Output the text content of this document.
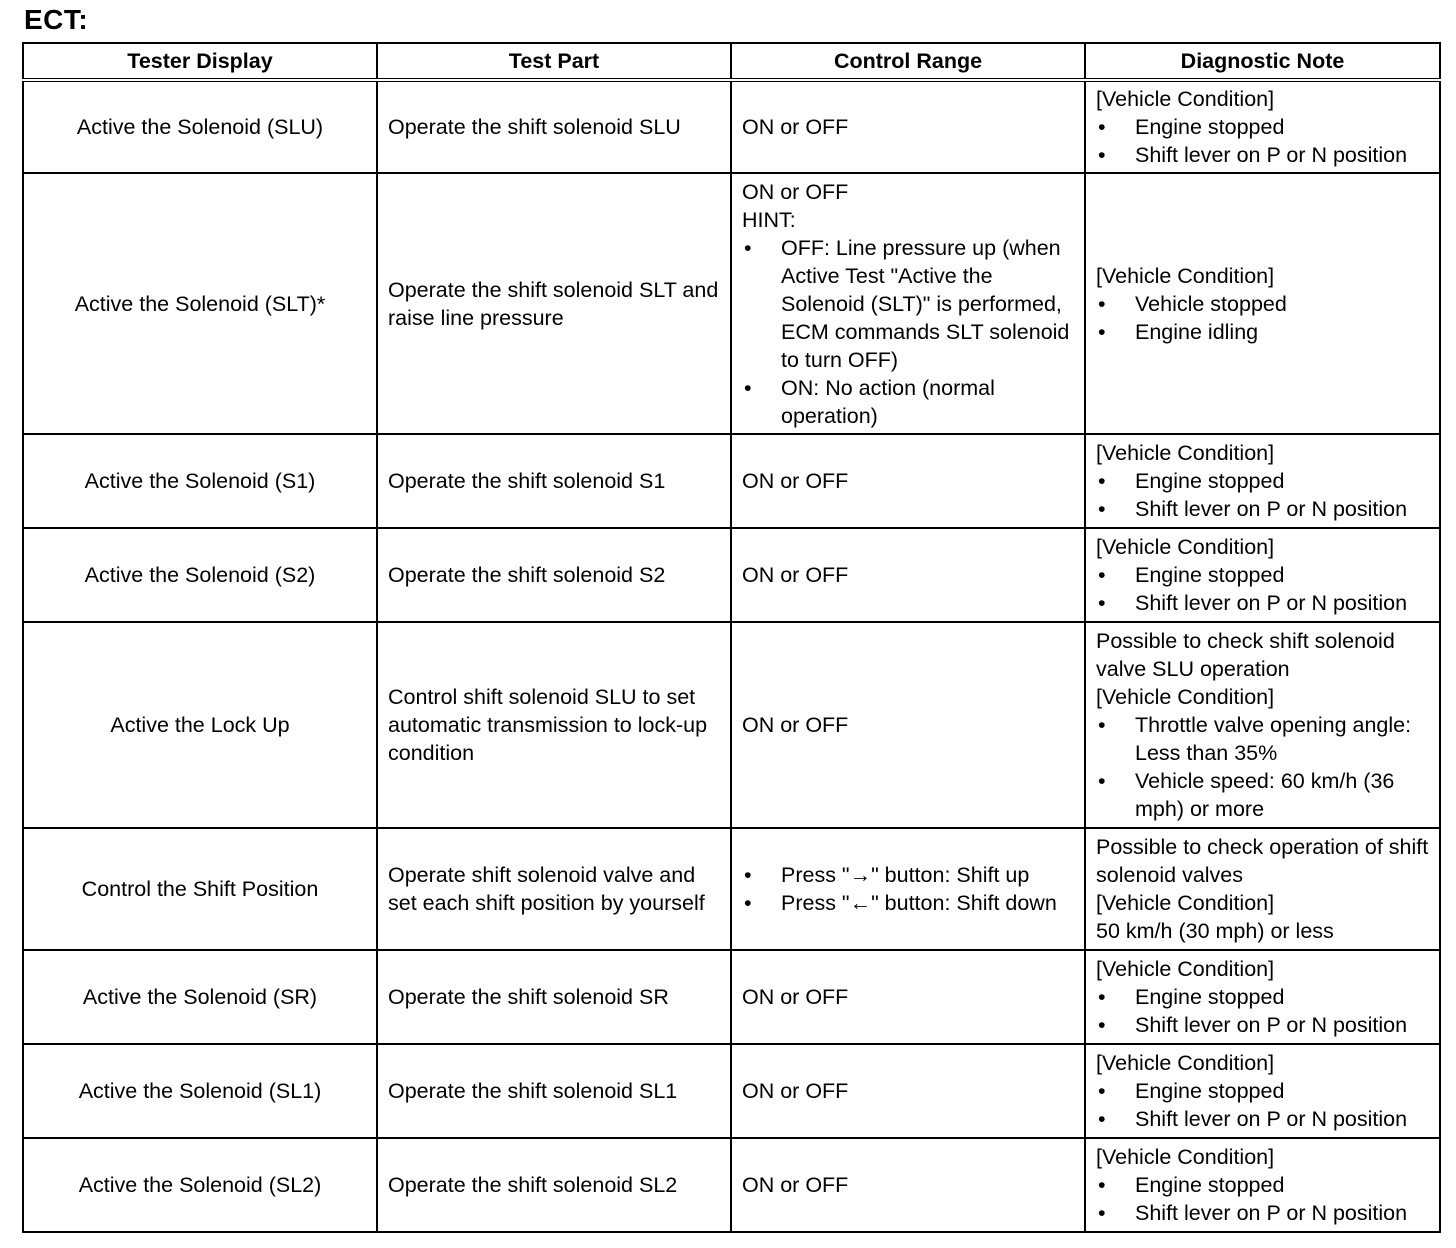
ECT:
Tester Display	Test Part	Control Range	Diagnostic Note
Active the Solenoid (SLU)	Operate the shift solenoid SLU	ON or OFF	[Vehicle Condition]
• Engine stopped
• Shift lever on P or N position

Active the Solenoid (SLT)*	Operate the shift solenoid SLT and raise line pressure	ON or OFF
HINT:
• OFF: Line pressure up (when Active Test "Active the Solenoid (SLT)" is performed, ECM commands SLT solenoid to turn OFF)
• ON: No action (normal operation)	[Vehicle Condition]
• Vehicle stopped
• Engine idling

Active the Solenoid (S1)	Operate the shift solenoid S1	ON or OFF	[Vehicle Condition]
• Engine stopped
• Shift lever on P or N position

Active the Solenoid (S2)	Operate the shift solenoid S2	ON or OFF	[Vehicle Condition]
• Engine stopped
• Shift lever on P or N position

Active the Lock Up	Control shift solenoid SLU to set automatic transmission to lock-up condition	ON or OFF	Possible to check shift solenoid valve SLU operation
[Vehicle Condition]
• Throttle valve opening angle: Less than 35%
• Vehicle speed: 60 km/h (36 mph) or more

Control the Shift Position	Operate shift solenoid valve and set each shift position by yourself	• Press "→" button: Shift up
• Press "←" button: Shift down	Possible to check operation of shift solenoid valves
[Vehicle Condition]
50 km/h (30 mph) or less

Active the Solenoid (SR)	Operate the shift solenoid SR	ON or OFF	[Vehicle Condition]
• Engine stopped
• Shift lever on P or N position

Active the Solenoid (SL1)	Operate the shift solenoid SL1	ON or OFF	[Vehicle Condition]
• Engine stopped
• Shift lever on P or N position

Active the Solenoid (SL2)	Operate the shift solenoid SL2	ON or OFF	[Vehicle Condition]
• Engine stopped
• Shift lever on P or N position
